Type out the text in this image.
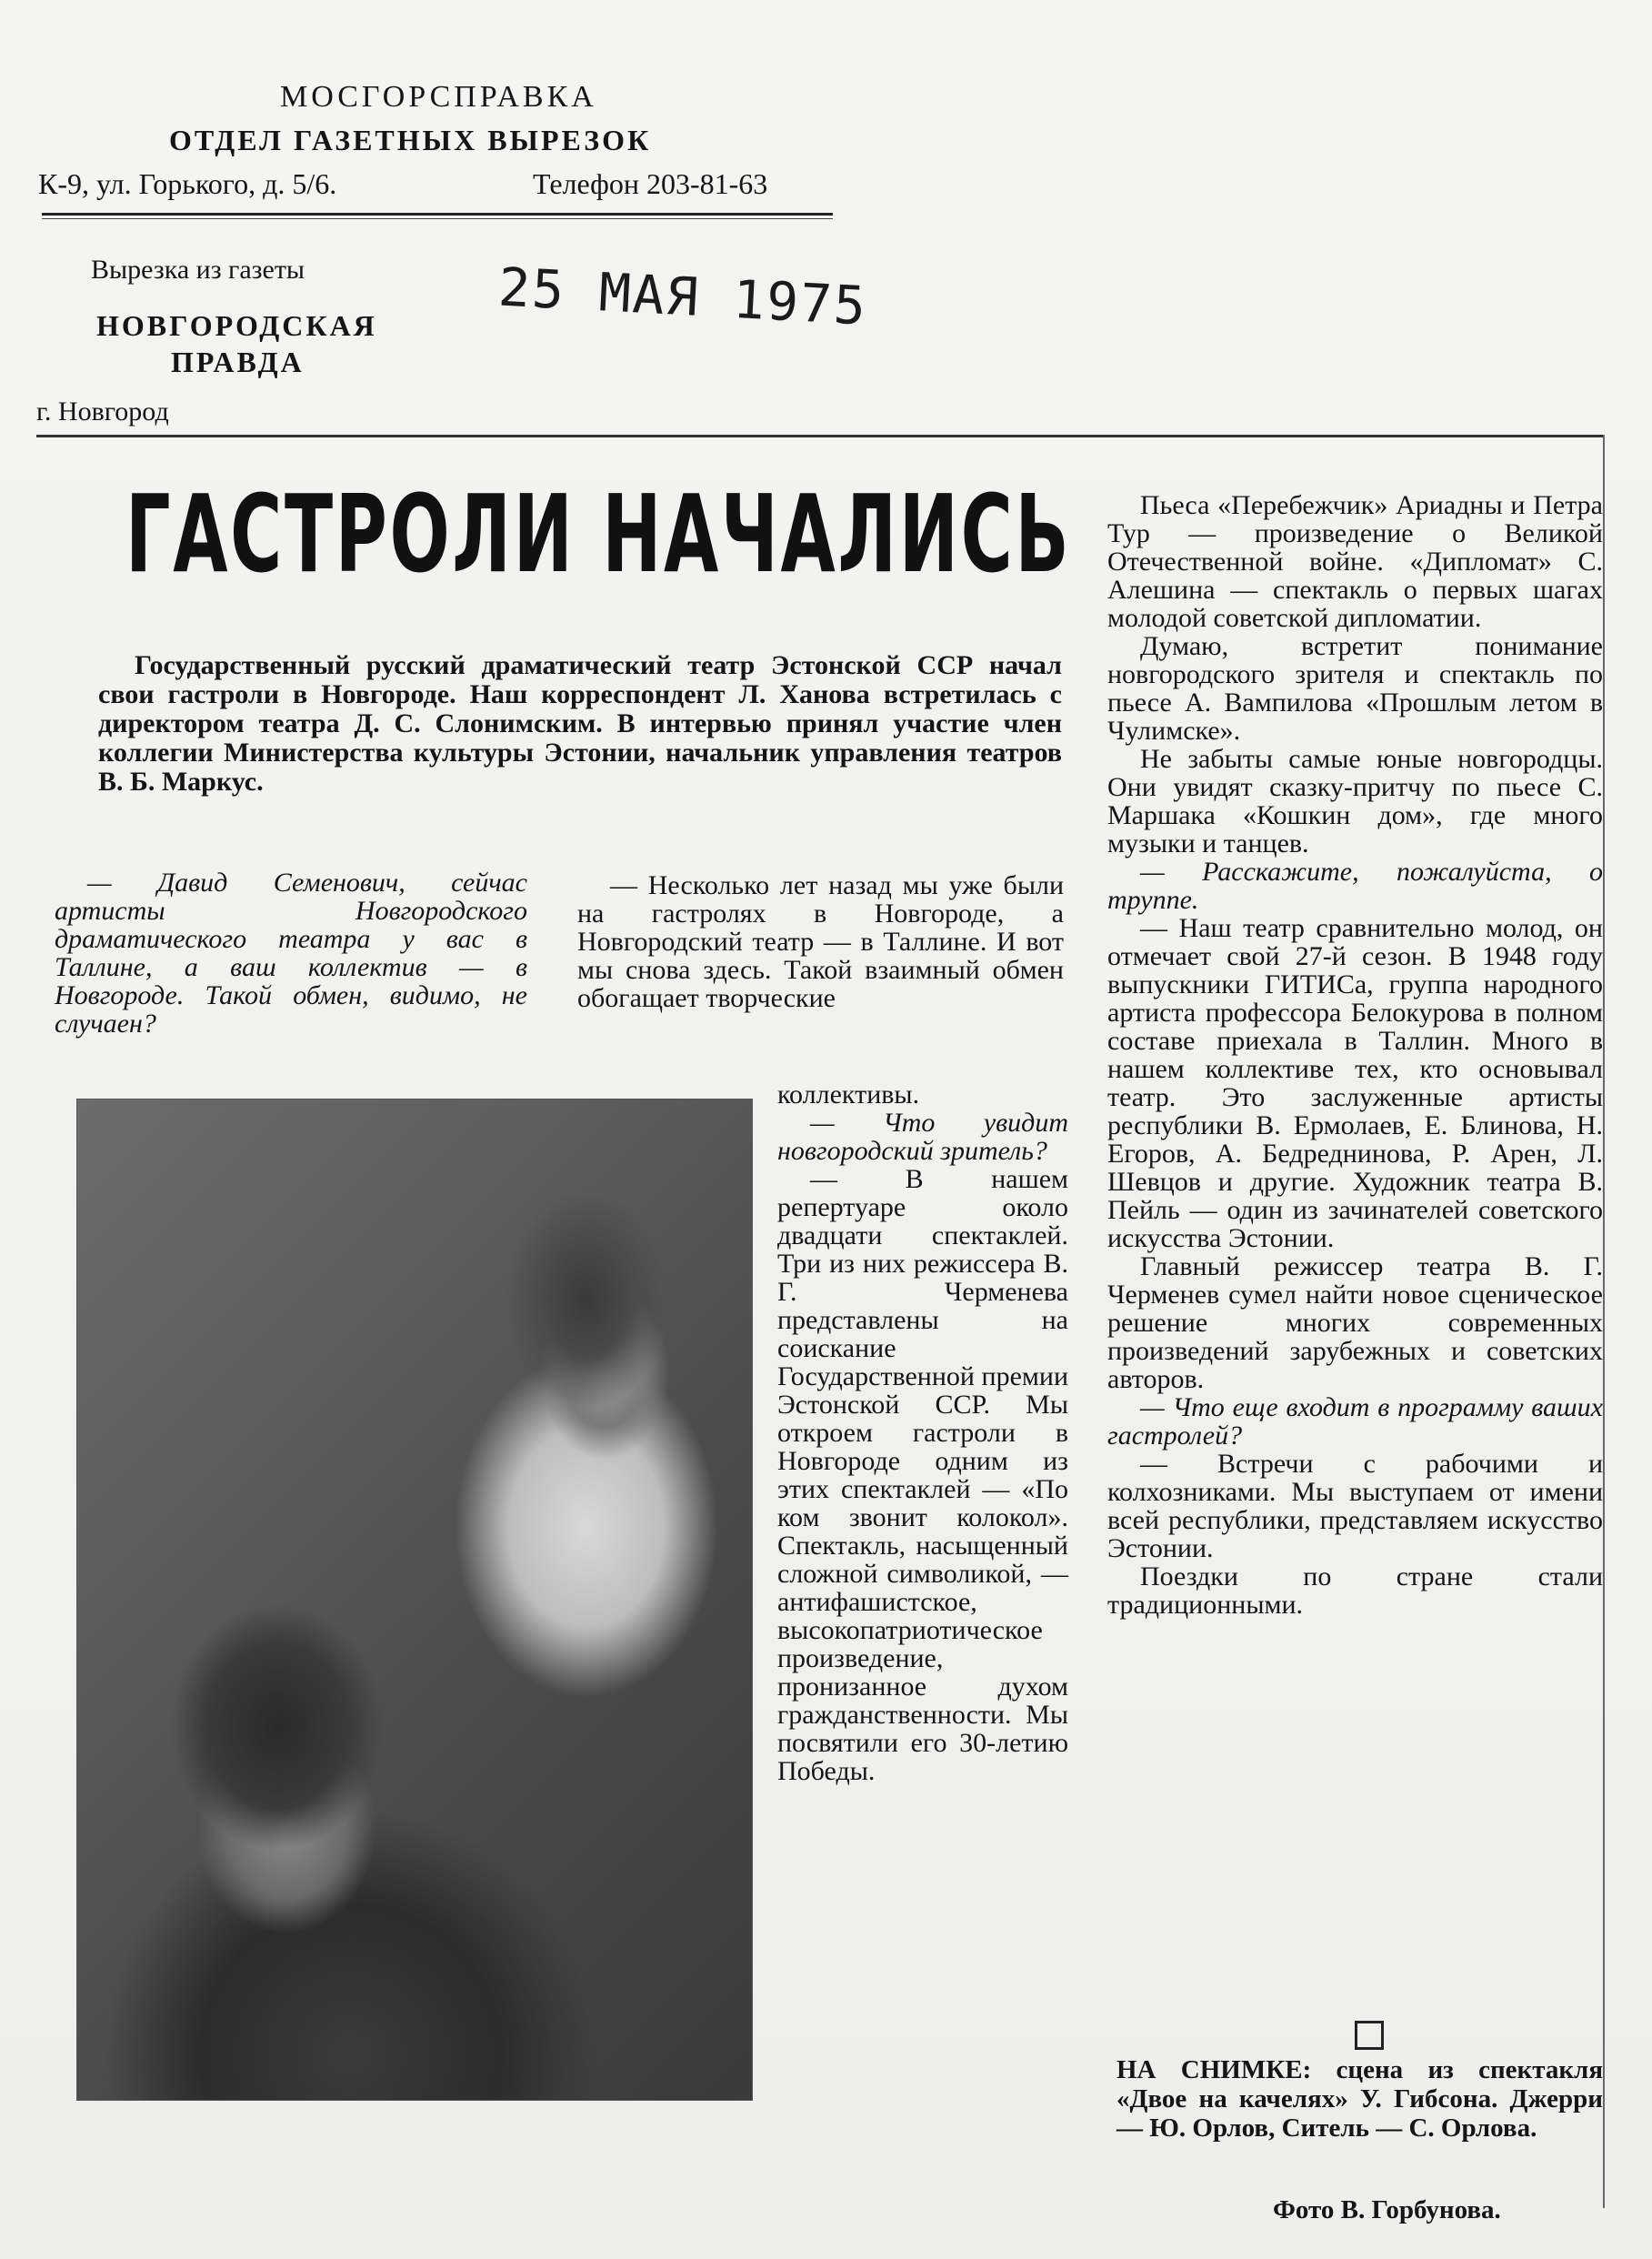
МОСГОРСПРАВКА
ОТДЕЛ ГАЗЕТНЫХ ВЫРЕЗОК
К-9, ул. Горького, д. 5/6.	Телефон 203-81-63
Вырезка из газеты
НОВГОРОДСКАЯ
ПРАВДА
г. Новгород
25 МАЯ 1975
ГАСТРОЛИ НАЧАЛИСЬ
Государственный русский драматический театр Эстонской ССР начал свои гастроли в Новгороде. Наш корреспондент Л. Ханова встретилась с директором театра Д. С. Слонимским. В интервью принял участие член коллегии Министерства культуры Эстонии, начальник управления театров В. Б. Маркус.

— Давид Семенович, сейчас артисты Новгородского драматического театра у вас в Таллине, а ваш коллектив — в Новгороде. Такой обмен, видимо, не случаен?

— Несколько лет назад мы уже были на гастролях в Новгороде, а Новгородский театр — в Таллине. И вот мы снова здесь. Такой взаимный обмен обогащает творческие

коллективы.

— Что увидит новгородский зритель?

— В нашем репертуаре около двадцати спектаклей. Три из них режиссера В. Г. Черменева представлены на соискание Государственной премии Эстонской ССР. Мы откроем гастроли в Новгороде одним из этих спектаклей — «По ком звонит колокол». Спектакль, насыщенный сложной символикой, — антифашистское, высокопатриотическое произведение, пронизанное духом гражданственности. Мы посвятили его 30-летию Победы.

Пьеса «Перебежчик» Ариадны и Петра Тур — произведение о Великой Отечественной войне. «Дипломат» С. Алешина — спектакль о первых шагах молодой советской дипломатии.

Думаю, встретит понимание новгородского зрителя и спектакль по пьесе А. Вампилова «Прошлым летом в Чулимске».

Не забыты самые юные новгородцы. Они увидят сказку-притчу по пьесе С. Маршака «Кошкин дом», где много музыки и танцев.

— Расскажите, пожалуйста, о труппе.

— Наш театр сравнительно молод, он отмечает свой 27-й сезон. В 1948 году выпускники ГИТИСа, группа народного артиста профессора Белокурова в полном составе приехала в Таллин. Много в нашем коллективе тех, кто основывал театр. Это заслуженные артисты республики В. Ермолаев, Е. Блинова, Н. Егоров, А. Бедреднинова, Р. Арен, Л. Шевцов и другие. Художник театра В. Пейль — один из зачинателей советского искусства Эстонии.

Главный режиссер театра В. Г. Черменев сумел найти новое сценическое решение многих современных произведений зарубежных и советских авторов.

— Что еще входит в программу ваших гастролей?

— Встречи с рабочими и колхозниками. Мы выступаем от имени всей республики, представляем искусство Эстонии.

Поездки по стране стали традиционными.

НА СНИМКЕ: сцена из спектакля «Двое на качелях» У. Гибсона. Джерри — Ю. Орлов, Ситель — С. Орлова.
Фото В. Горбунова.
